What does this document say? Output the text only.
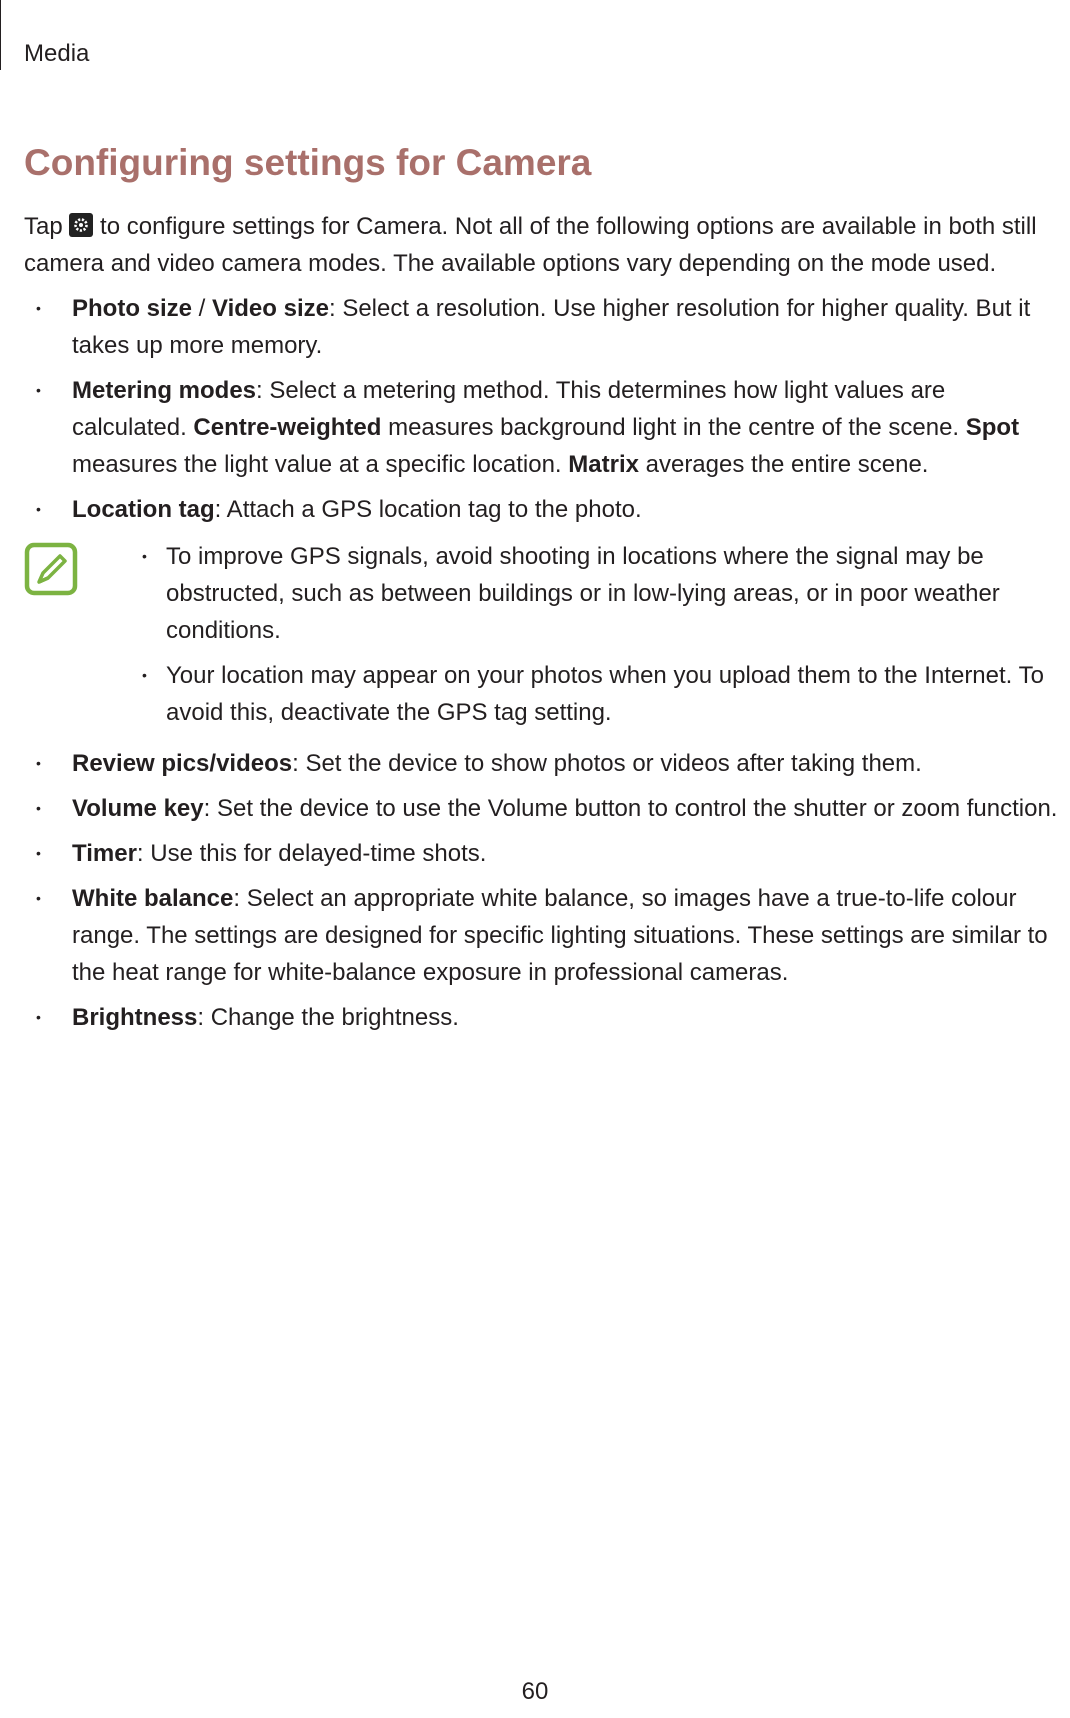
Media
Configuring settings for Camera

Tap
to configure settings for Camera. Not all of the following options are available in both still camera and video camera modes. The available options vary depending on the mode used.

• Photo size / Video size: Select a resolution. Use higher resolution for higher quality. But it takes up more memory.
• Metering modes: Select a metering method. This determines how light values are calculated. Centre-weighted measures background light in the centre of the scene. Spot measures the light value at a specific location. Matrix averages the entire scene.
• Location tag: Attach a GPS location tag to the photo.
• To improve GPS signals, avoid shooting in locations where the signal may be obstructed, such as between buildings or in low-lying areas, or in poor weather conditions.
• Your location may appear on your photos when you upload them to the Internet. To avoid this, deactivate the GPS tag setting.
• Review pics/videos: Set the device to show photos or videos after taking them.
• Volume key: Set the device to use the Volume button to control the shutter or zoom function.
• Timer: Use this for delayed-time shots.
• White balance: Select an appropriate white balance, so images have a true-to-life colour range. The settings are designed for specific lighting situations. These settings are similar to the heat range for white-balance exposure in professional cameras.
• Brightness: Change the brightness.
60
